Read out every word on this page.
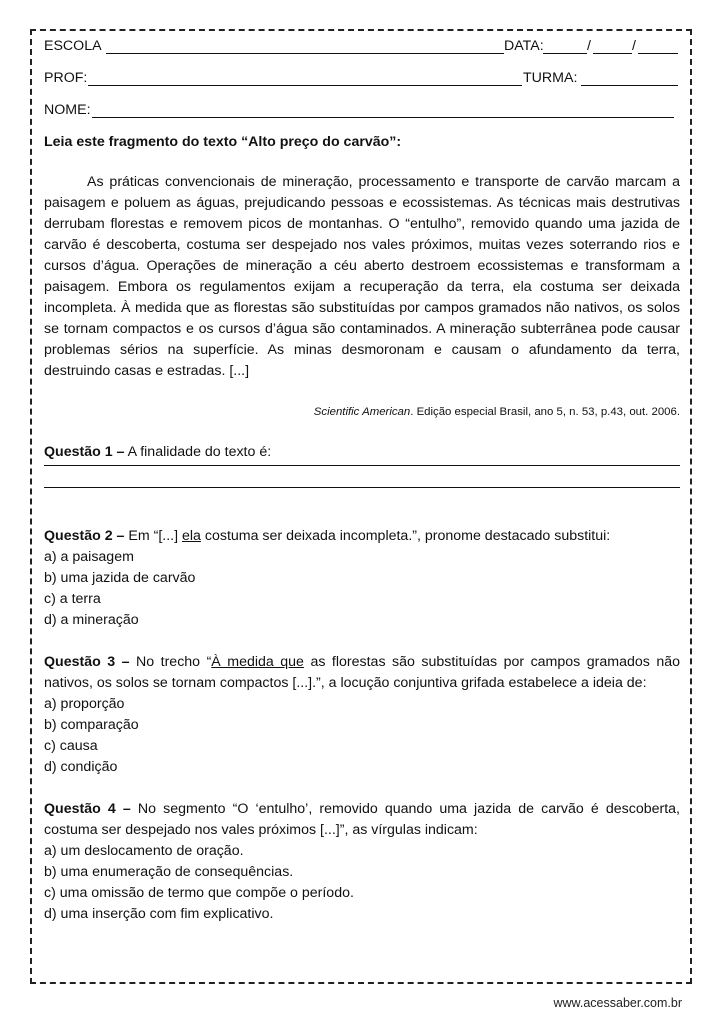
ESCOLA	DATA:	/	/
PROF:	TURMA:
NOME:
Leia este fragmento do texto “Alto preço do carvão”:

As práticas convencionais de mineração, processamento e transporte de carvão marcam a paisagem e poluem as águas, prejudicando pessoas e ecossistemas. As técnicas mais destrutivas derrubam florestas e removem picos de montanhas. O “entulho”, removido quando uma jazida de carvão é descoberta, costuma ser despejado nos vales próximos, muitas vezes soterrando rios e cursos d’água. Operações de mineração a céu aberto destroem ecossistemas e transformam a paisagem. Embora os regulamentos exijam a recuperação da terra, ela costuma ser deixada incompleta. À medida que as florestas são substituídas por campos gramados não nativos, os solos se tornam compactos e os cursos d’água são contaminados. A mineração subterrânea pode causar problemas sérios na superfície. As minas desmoronam e causam o afundamento da terra, destruindo casas e estradas. [...]

Scientific American. Edição especial Brasil, ano 5, n. 53, p.43, out. 2006.
Questão 1 – A finalidade do texto é:
Questão 2 – Em “[...] ela costuma ser deixada incompleta.”, pronome destacado substitui:
a) a paisagem
b) uma jazida de carvão
c) a terra
d) a mineração
Questão 3 – No trecho “À medida que as florestas são substituídas por campos gramados não nativos, os solos se tornam compactos [...].”, a locução conjuntiva grifada estabelece a ideia de:
a) proporção
b) comparação
c) causa
d) condição
Questão 4 – No segmento “O ‘entulho’, removido quando uma jazida de carvão é descoberta, costuma ser despejado nos vales próximos [...]”, as vírgulas indicam:
a) um deslocamento de oração.
b) uma enumeração de consequências.
c) uma omissão de termo que compõe o período.
d) uma inserção com fim explicativo.
www.acessaber.com.br
